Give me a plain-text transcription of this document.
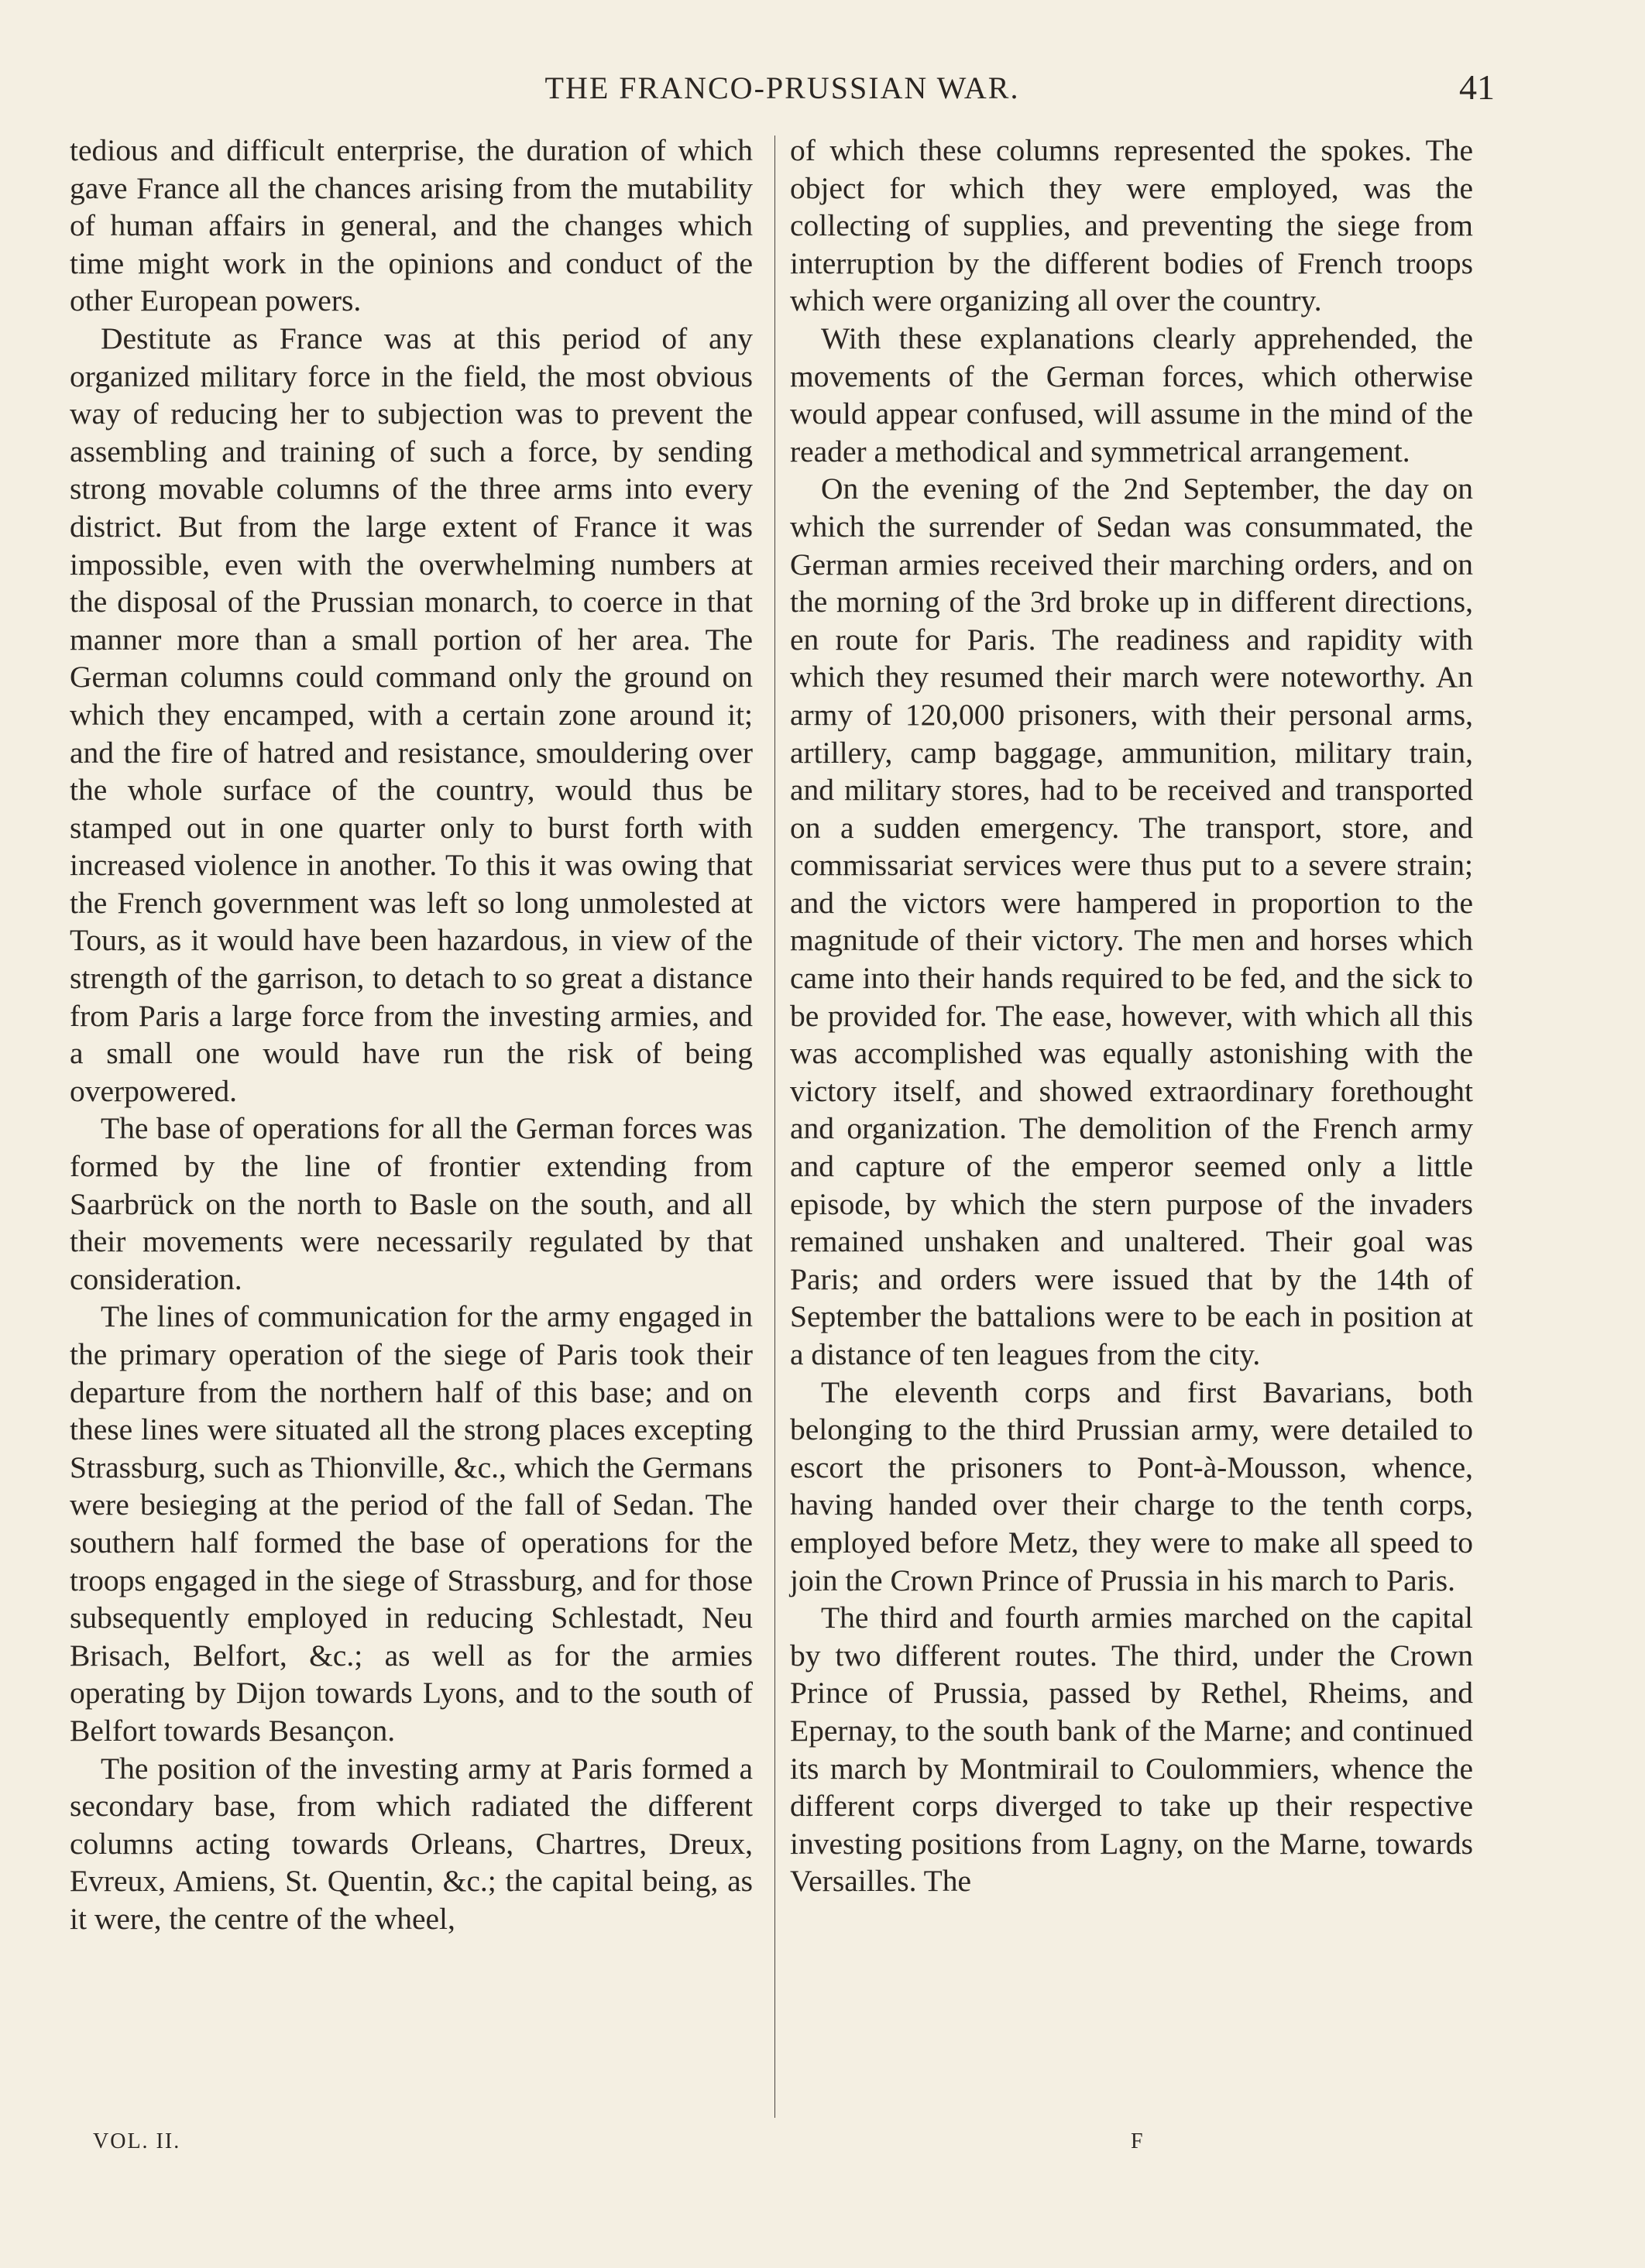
THE FRANCO-PRUSSIAN WAR.	41

tedious and difficult enterprise, the duration of which gave France all the chances arising from the mutability of human affairs in general, and the changes which time might work in the opinions and conduct of the other European powers.

Destitute as France was at this period of any organized military force in the field, the most obvious way of reducing her to subjection was to prevent the assembling and training of such a force, by sending strong movable columns of the three arms into every district. But from the large extent of France it was impossible, even with the overwhelming numbers at the disposal of the Prussian monarch, to coerce in that manner more than a small portion of her area. The German columns could command only the ground on which they encamped, with a certain zone around it; and the fire of hatred and resistance, smouldering over the whole surface of the country, would thus be stamped out in one quarter only to burst forth with increased violence in another. To this it was owing that the French government was left so long unmolested at Tours, as it would have been hazardous, in view of the strength of the garrison, to detach to so great a distance from Paris a large force from the investing armies, and a small one would have run the risk of being overpowered.

The base of operations for all the German forces was formed by the line of frontier extending from Saarbrück on the north to Basle on the south, and all their movements were necessarily regulated by that consideration.

The lines of communication for the army engaged in the primary operation of the siege of Paris took their departure from the northern half of this base; and on these lines were situated all the strong places excepting Strassburg, such as Thionville, &c., which the Germans were besieging at the period of the fall of Sedan. The southern half formed the base of operations for the troops engaged in the siege of Strassburg, and for those subsequently employed in reducing Schlestadt, Neu Brisach, Belfort, &c.; as well as for the armies operating by Dijon towards Lyons, and to the south of Belfort towards Besançon.

The position of the investing army at Paris formed a secondary base, from which radiated the different columns acting towards Orleans, Chartres, Dreux, Evreux, Amiens, St. Quentin, &c.; the capital being, as it were, the centre of the wheel,

of which these columns represented the spokes. The object for which they were employed, was the collecting of supplies, and preventing the siege from interruption by the different bodies of French troops which were organizing all over the country.

With these explanations clearly apprehended, the movements of the German forces, which otherwise would appear confused, will assume in the mind of the reader a methodical and symmetrical arrangement.

On the evening of the 2nd September, the day on which the surrender of Sedan was consummated, the German armies received their marching orders, and on the morning of the 3rd broke up in different directions, en route for Paris. The readiness and rapidity with which they resumed their march were noteworthy. An army of 120,000 prisoners, with their personal arms, artillery, camp baggage, ammunition, military train, and military stores, had to be received and transported on a sudden emergency. The transport, store, and commissariat services were thus put to a severe strain; and the victors were hampered in proportion to the magnitude of their victory. The men and horses which came into their hands required to be fed, and the sick to be provided for. The ease, however, with which all this was accomplished was equally astonishing with the victory itself, and showed extraordinary forethought and organization. The demolition of the French army and capture of the emperor seemed only a little episode, by which the stern purpose of the invaders remained unshaken and unaltered. Their goal was Paris; and orders were issued that by the 14th of September the battalions were to be each in position at a distance of ten leagues from the city.

The eleventh corps and first Bavarians, both belonging to the third Prussian army, were detailed to escort the prisoners to Pont-à-Mousson, whence, having handed over their charge to the tenth corps, employed before Metz, they were to make all speed to join the Crown Prince of Prussia in his march to Paris.

The third and fourth armies marched on the capital by two different routes. The third, under the Crown Prince of Prussia, passed by Rethel, Rheims, and Epernay, to the south bank of the Marne; and continued its march by Montmirail to Coulommiers, whence the different corps diverged to take up their respective investing positions from Lagny, on the Marne, towards Versailles. The

VOL. II.	F
